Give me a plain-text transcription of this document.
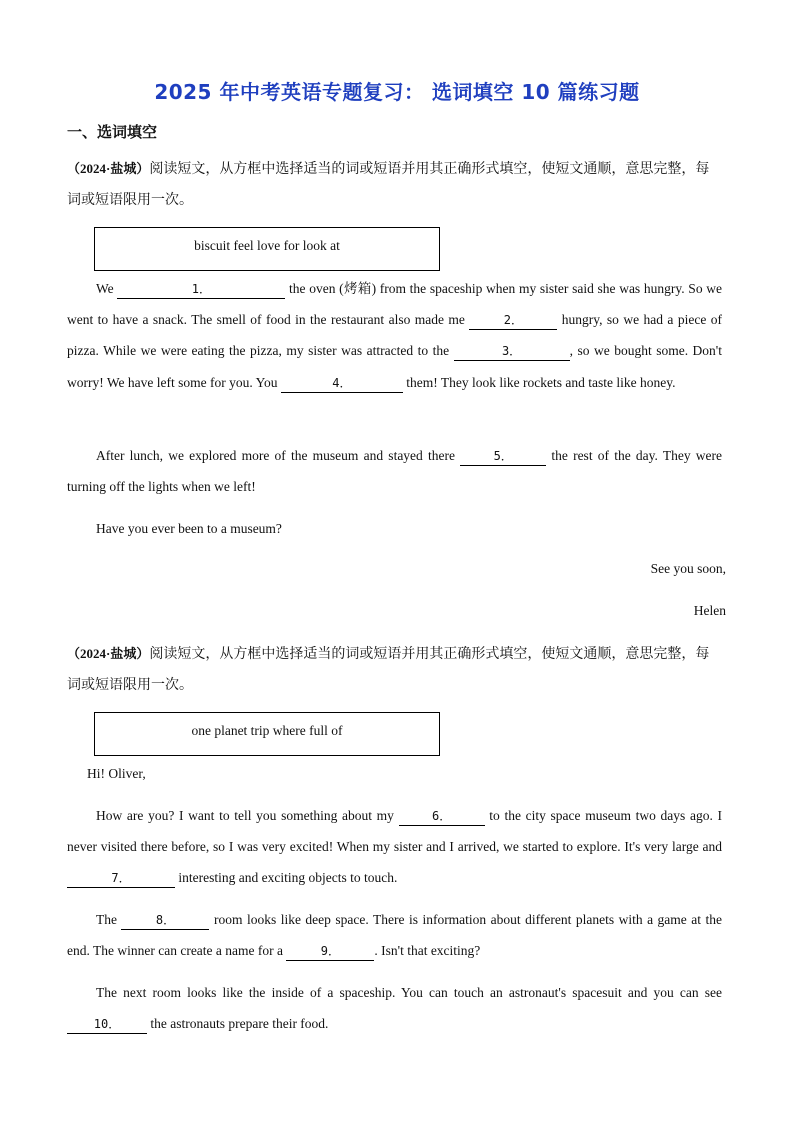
2025 年中考英语专题复习： 选词填空 10 篇练习题
一、选词填空
（2024·盐城）阅读短文，从方框中选择适当的词或短语并用其正确形式填空，使短文通顺，意思完整，每词或短语限用一次。
biscuit feel love for look at
We	1．	the oven (烤箱) from the spaceship when my sister said she was hungry. So we went to have a snack. The smell of food in the restaurant also made me	2．	hungry, so we had a piece of pizza. While we were eating the pizza, my sister was attracted to the	3．	, so we bought some. Don't worry! We have left some for you. You	4．	them! They look like rockets and taste like honey.
After lunch, we explored more of the museum and stayed there	5． the rest of the day. They were turning off the lights when we left!
Have you ever been to a museum?
See you soon,
Helen
（2024·盐城）阅读短文，从方框中选择适当的词或短语并用其正确形式填空，使短文通顺，意思完整，每词或短语限用一次。
one planet trip where full of
Hi! Oliver,
How are you? I want to tell you something about my	6． to the city space museum two days ago. I never visited there before, so I was very excited! When my sister and I arrived, we started to explore. It's very large and 7．	interesting and exciting objects to touch.
The	8．	room looks like deep space. There is information about different planets with a game at the end. The winner can create a name for a	9．	. Isn't that exciting?
The next room looks like the inside of a spaceship. You can touch an astronaut's spacesuit and you can see 10． the astronauts prepare their food.
